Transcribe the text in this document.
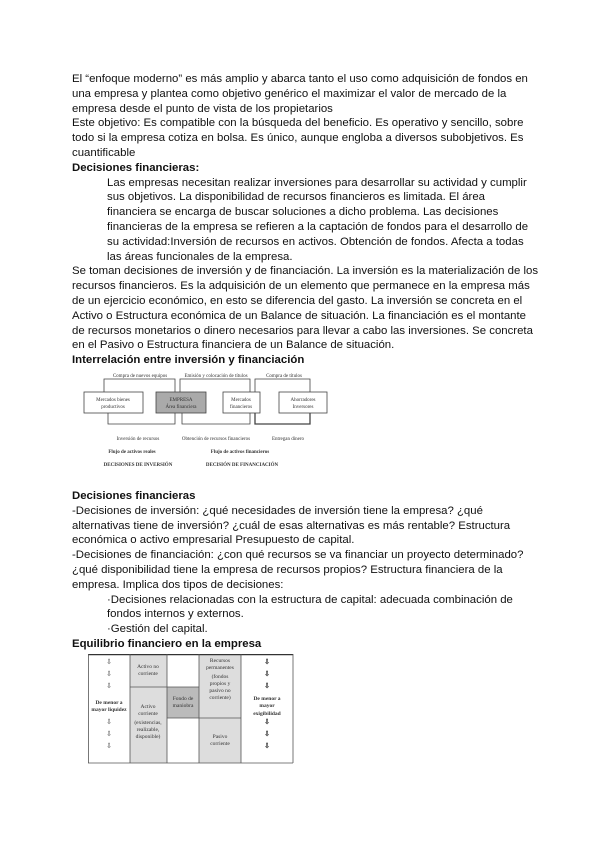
El “enfoque moderno” es más amplio y abarca tanto el uso como adquisición de fondos en
una empresa y plantea como objetivo genérico el maximizar el valor de mercado de la
empresa desde el punto de vista de los propietarios
Este objetivo: Es compatible con la búsqueda del beneficio. Es operativo y sencillo, sobre
todo si la empresa cotiza en bolsa. Es único, aunque engloba a diversos subobjetivos. Es
cuantificable
Decisiones financieras:
Las empresas necesitan realizar inversiones para desarrollar su actividad y cumplir
sus objetivos. La disponibilidad de recursos financieros es limitada. El área
financiera se encarga de buscar soluciones a dicho problema. Las decisiones
financieras de la empresa se refieren a la captación de fondos para el desarrollo de
su actividad:Inversión de recursos en activos. Obtención de fondos. Afecta a todas
las áreas funcionales de la empresa.
Se toman decisiones de inversión y de financiación. La inversión es la materialización de los
recursos financieros. Es la adquisición de un elemento que permanece en la empresa más
de un ejercicio económico, en esto se diferencia del gasto. La inversión se concreta en el
Activo o Estructura económica de un Balance de situación. La financiación es el montante
de recursos monetarios o dinero necesarios para llevar a cabo las inversiones. Se concreta
en el Pasivo o Estructura financiera de un Balance de situación.
Interrelación entre inversión y financiación
Mercados bienes
productivos
EMPRESA
Área financiera
Mercados
financieros
Ahorradores
Inversores
Compra de nuevos equipos	Emisión y colocación de títulos	Compra de títulos
Inversión de recursos	Obtención de recursos financieros	Entregan dinero
Flujo de activos reales	Flujo de activos financieros
DECISIONES DE INVERSIÓN	DECISIÓN DE FINANCIACIÓN
Decisiones financieras
-Decisiones de inversión: ¿qué necesidades de inversión tiene la empresa? ¿qué
alternativas tiene de inversión? ¿cuál de esas alternativas es más rentable? Estructura
económica o activo empresarial Presupuesto de capital.
-Decisiones de financiación: ¿con qué recursos se va financiar un proyecto determinado?
¿qué disponibilidad tiene la empresa de recursos propios? Estructura financiera de la
empresa. Implica dos tipos de decisiones:
·Decisiones relacionadas con la estructura de capital: adecuada combinación de
fondos internos y externos.
·Gestión del capital.
Equilibrio financiero en la empresa
⇩
⇩
⇩
⇩
⇩
⇩
⇩
⇩
⇩
⇩
⇩
⇩
De menor a
mayor liquidez
Activo no
corriente
Activo
corriente
(existencias,
realizable,
disponible)
Fondo de
maniobra
Recursos
permanentes
(fondos
propios y
pasivo no
corriente)
Pasivo
corriente
De menor a
mayor
exigibilidad
